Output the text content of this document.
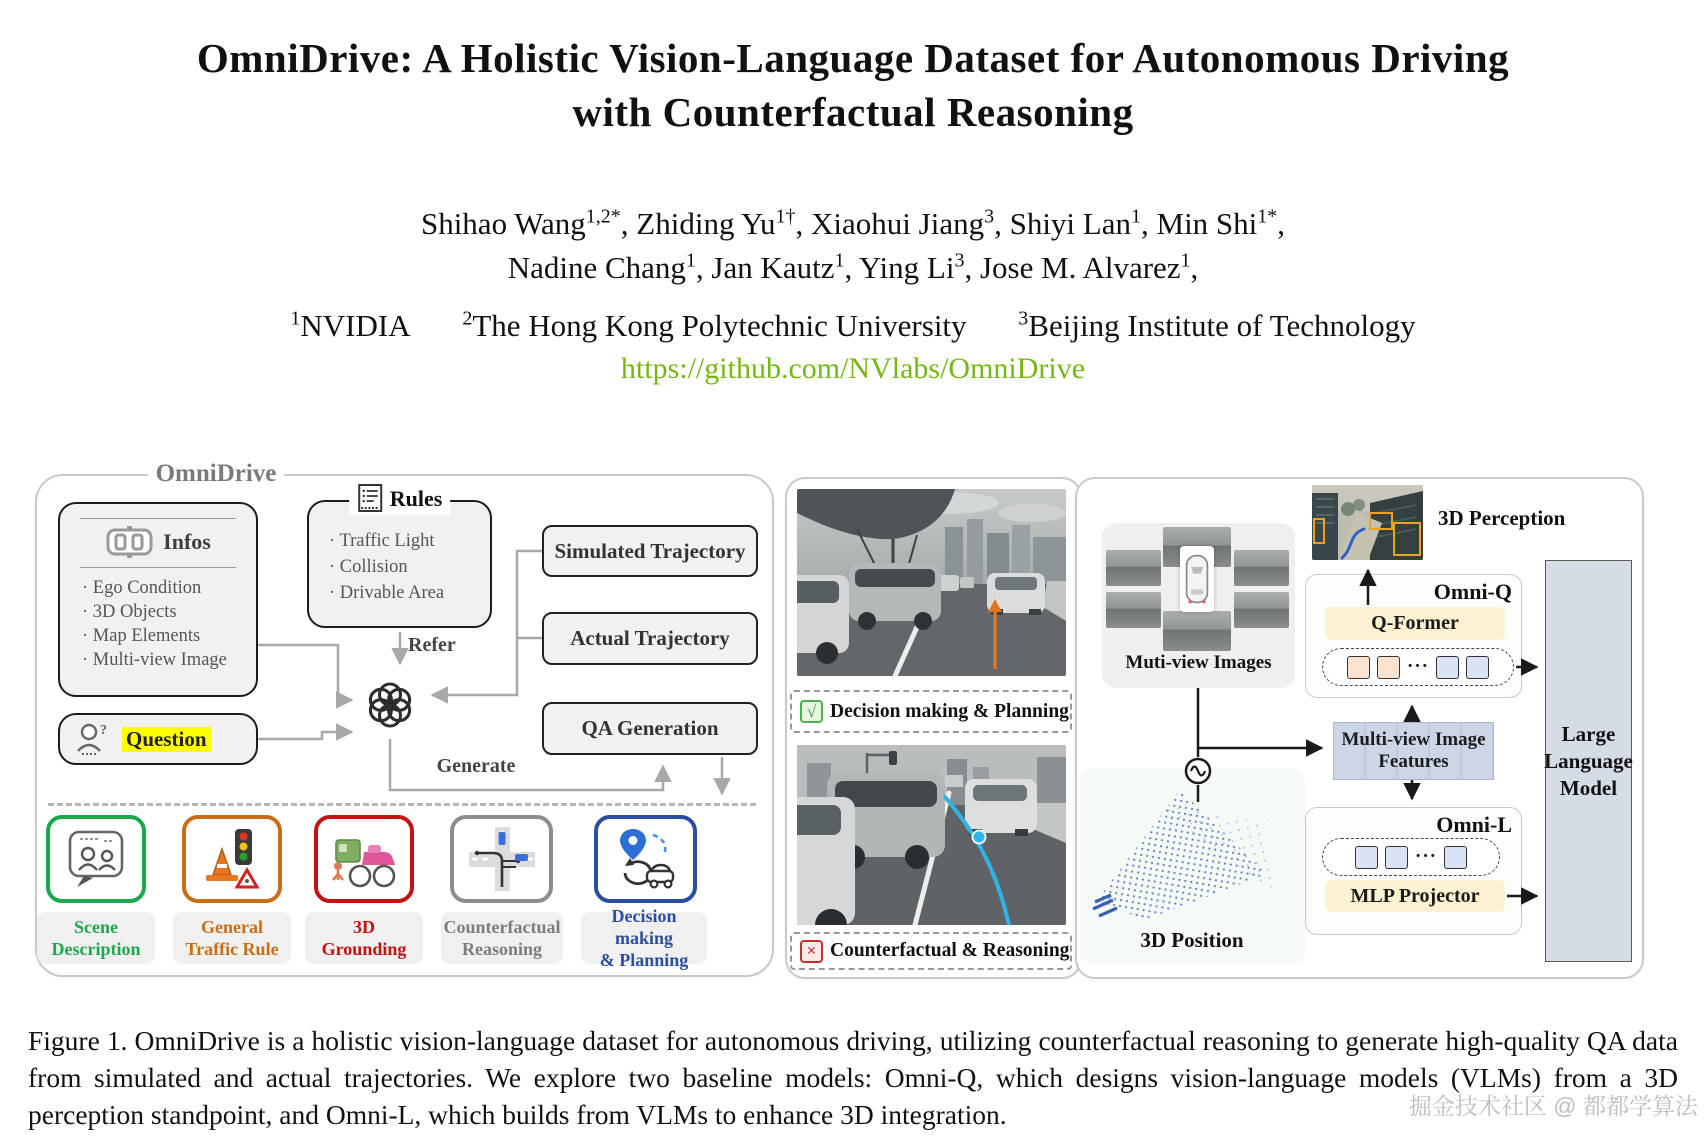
OmniDrive: A Holistic Vision-Language Dataset for Autonomous Driving
with Counterfactual Reasoning
Shihao Wang$^{1,2*}$, Zhiding $Yu^{1\dagger}$, Xiaohui Jiang$^3$, Shiyi Lan$^1$, Min Shi$^{1*}$,
Nadine Chang$^1$, Jan Kautz$^1$, Ying Li$^3$, Jose M. Alvarez$^1$,
$^1$NVIDIA	$^2$The Hong Kong Polytechnic University	$^3$Beijing Institute of Technology
https://github.com/NVlabs/OmniDrive
OmniDrive
Infos
· Ego Condition
· 3D Objects
· Map Elements
· Multi-view Image
? Question
Rules
· Traffic Light
· Collision
· Drivable Area
Simulated Trajectory
Actual Trajectory
QA Generation
Refer
Generate
Scene
Description
General
Traffic Rule
3D
Grounding
Counterfactual
Reasoning
Decision making
& Planning
√ Decision making & Planning
× Counterfactual & Reasoning
Muti-view Images
3D Perception
Omni-Q
Q-Former
···
Multi-view Image
Features
Omni-L
···
MLP Projector
Large
Language
Model
3D Position
Figure 1. OmniDrive is a holistic vision-language dataset for autonomous driving, utilizing counterfactual reasoning to generate high-quality QA data from simulated and actual trajectories. We explore two baseline models: Omni-Q, which designs vision-language models (VLMs) from a 3D perception standpoint, and Omni-L, which builds from VLMs to enhance 3D integration.	掘金技术社区 @ 都都学算法
